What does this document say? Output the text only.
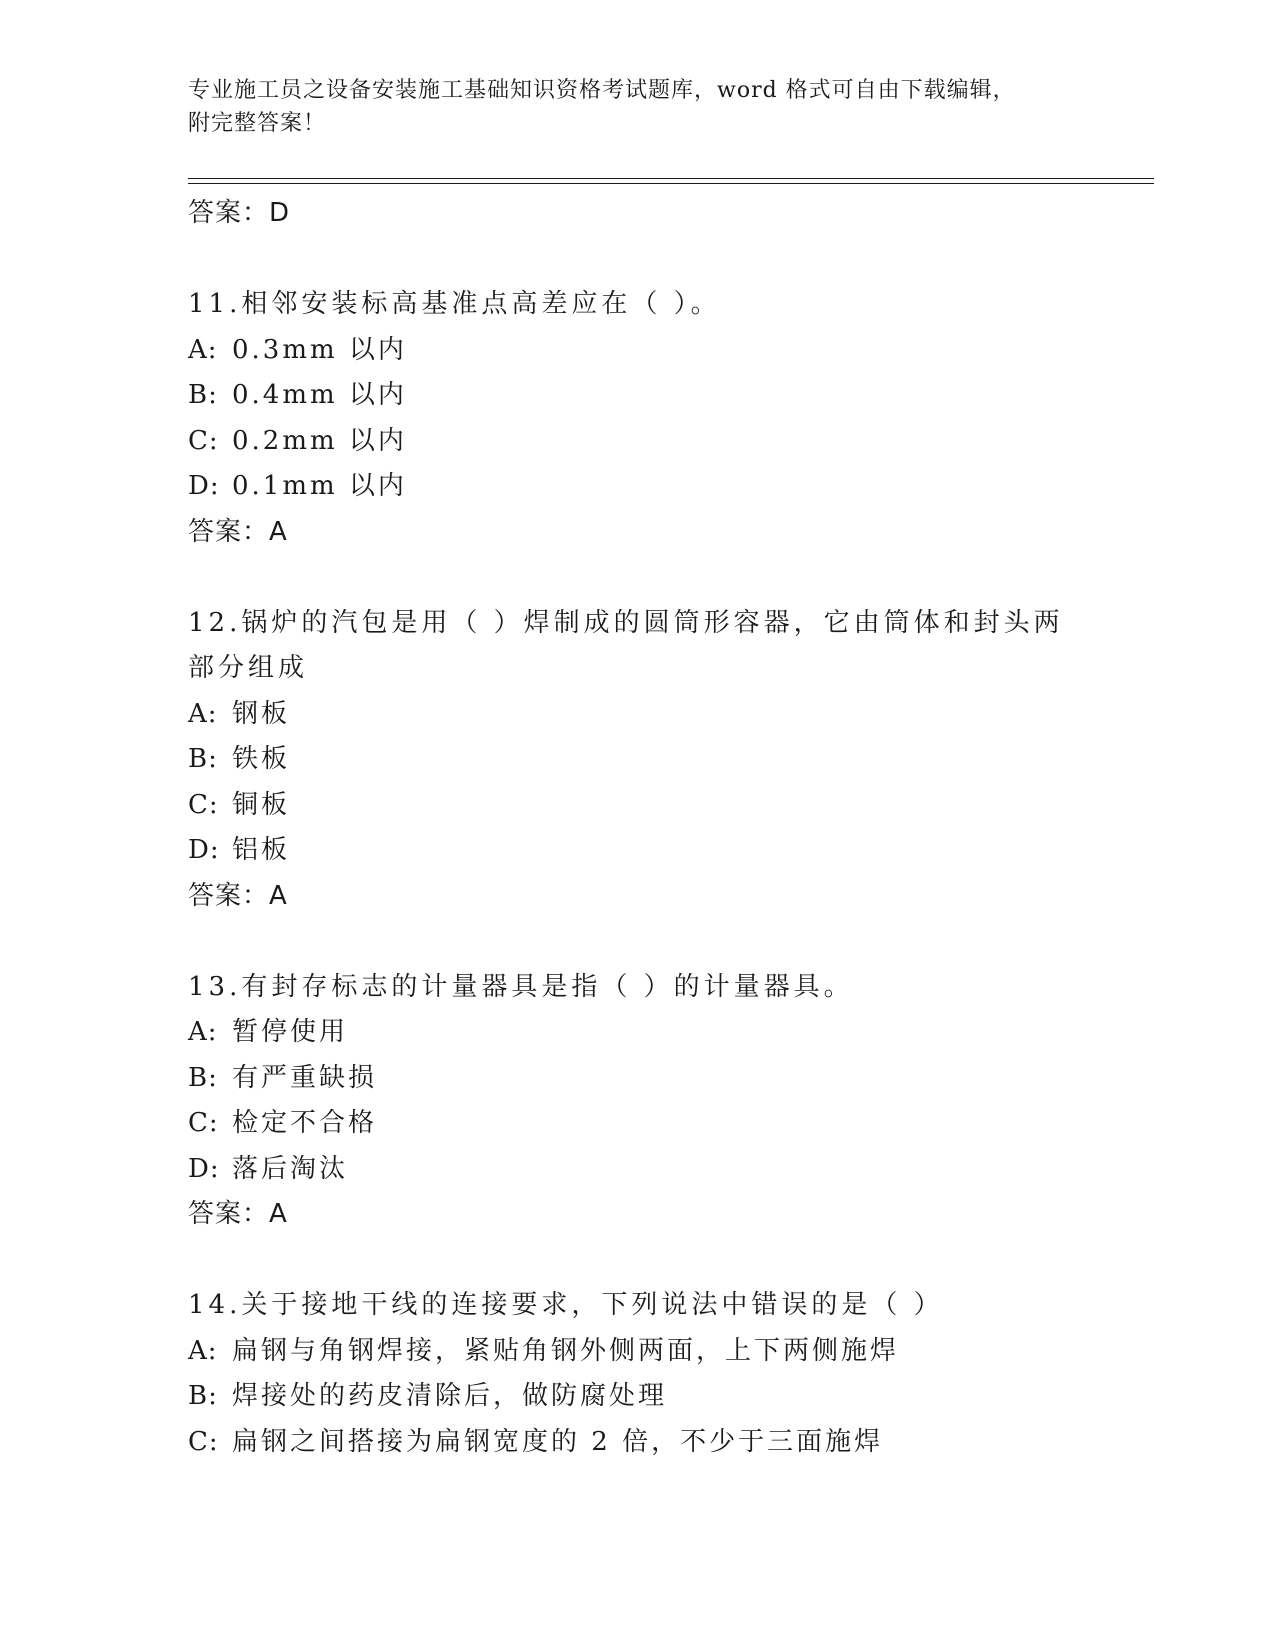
专业施工员之设备安装施工基础知识资格考试题库，word 格式可自由下载编辑，
附完整答案！
答案：D
11.相邻安装标高基准点高差应在（ ）。
A: 0.3mm 以内
B: 0.4mm 以内
C: 0.2mm 以内
D: 0.1mm 以内
答案：A
12.锅炉的汽包是用（ ）焊制成的圆筒形容器，它由筒体和封头两部分组成
A: 钢板
B: 铁板
C: 铜板
D: 铝板
答案：A
13.有封存标志的计量器具是指（ ）的计量器具。
A: 暂停使用
B: 有严重缺损
C: 检定不合格
D: 落后淘汰
答案：A
14.关于接地干线的连接要求，下列说法中错误的是（ ）
A: 扁钢与角钢焊接，紧贴角钢外侧两面，上下两侧施焊
B: 焊接处的药皮清除后，做防腐处理
C: 扁钢之间搭接为扁钢宽度的 2 倍，不少于三面施焊
